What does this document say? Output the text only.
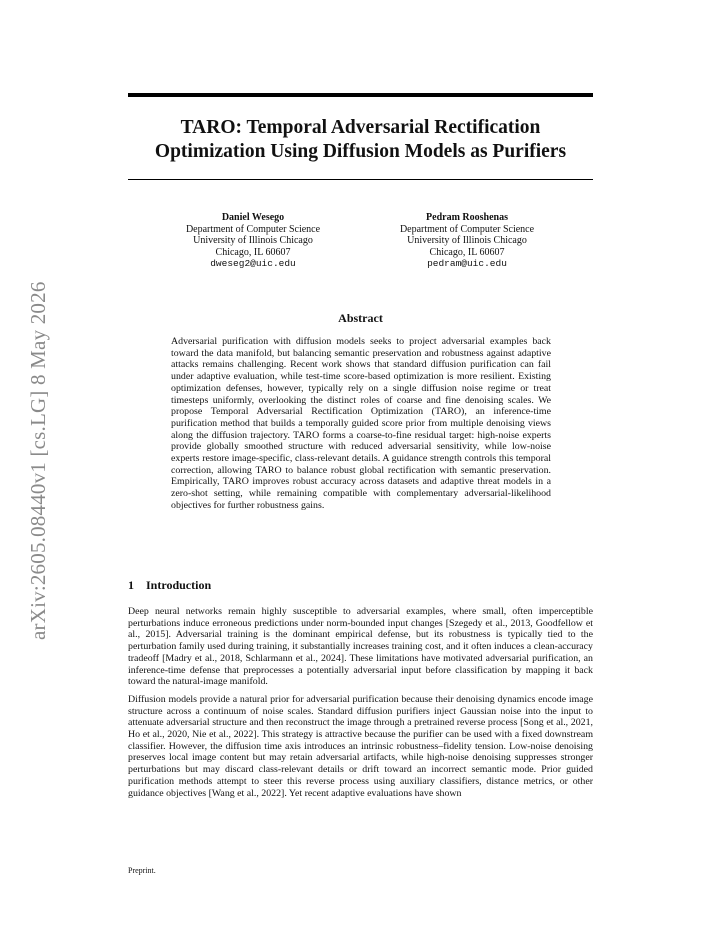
arXiv:2605.08440v1 [cs.LG] 8 May 2026
TARO: Temporal Adversarial Rectification Optimization Using Diffusion Models as Purifiers
Daniel Wesego
Department of Computer Science
University of Illinois Chicago
Chicago, IL 60607
dweseg2@uic.edu
Pedram Rooshenas
Department of Computer Science
University of Illinois Chicago
Chicago, IL 60607
pedram@uic.edu
Abstract
Adversarial purification with diffusion models seeks to project adversarial examples back toward the data manifold, but balancing semantic preservation and robustness against adaptive attacks remains challenging. Recent work shows that standard diffusion purification can fail under adaptive evaluation, while test-time score-based optimization is more resilient. Existing optimization defenses, however, typically rely on a single diffusion noise regime or treat timesteps uniformly, overlooking the distinct roles of coarse and fine denoising scales. We propose Temporal Adversarial Rectification Optimization (TARO), an inference-time purification method that builds a temporally guided score prior from multiple denoising views along the diffusion trajectory. TARO forms a coarse-to-fine residual target: high-noise experts provide globally smoothed structure with reduced adversarial sensitivity, while low-noise experts restore image-specific, class-relevant details. A guidance strength controls this temporal correction, allowing TARO to balance robust global rectification with semantic preservation. Empirically, TARO improves robust accuracy across datasets and adaptive threat models in a zero-shot setting, while remaining compatible with complementary adversarial-likelihood objectives for further robustness gains.
1 Introduction

Deep neural networks remain highly susceptible to adversarial examples, where small, often imperceptible perturbations induce erroneous predictions under norm-bounded input changes [Szegedy et al., 2013, Goodfellow et al., 2015]. Adversarial training is the dominant empirical defense, but its robustness is typically tied to the perturbation family used during training, it substantially increases training cost, and it often induces a clean-accuracy tradeoff [Madry et al., 2018, Schlarmann et al., 2024]. These limitations have motivated adversarial purification, an inference-time defense that preprocesses a potentially adversarial input before classification by mapping it back toward the natural-image manifold.

Diffusion models provide a natural prior for adversarial purification because their denoising dynamics encode image structure across a continuum of noise scales. Standard diffusion purifiers inject Gaussian noise into the input to attenuate adversarial structure and then reconstruct the image through a pretrained reverse process [Song et al., 2021, Ho et al., 2020, Nie et al., 2022]. This strategy is attractive because the purifier can be used with a fixed downstream classifier. However, the diffusion time axis introduces an intrinsic robustness–fidelity tension. Low-noise denoising preserves local image content but may retain adversarial artifacts, while high-noise denoising suppresses stronger perturbations but may discard class-relevant details or drift toward an incorrect semantic mode. Prior guided purification methods attempt to steer this reverse process using auxiliary classifiers, distance metrics, or other guidance objectives [Wang et al., 2022]. Yet recent adaptive evaluations have shown

Preprint.
